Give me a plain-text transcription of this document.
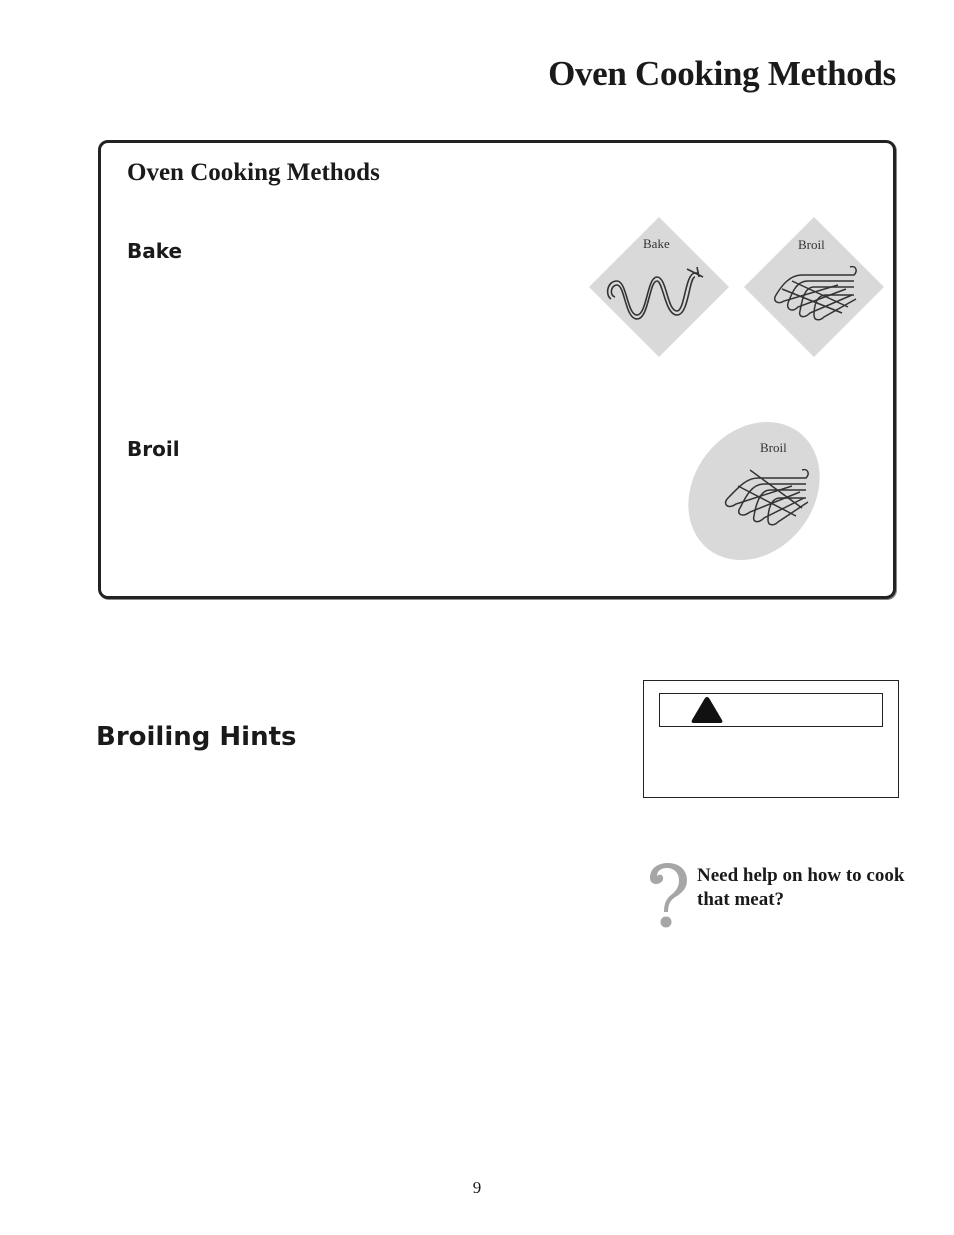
Oven Cooking Methods
Oven Cooking Methods
Bake
Broil
Bake	Broil
Broil
Broiling Hints

Need help on how to cook that meat?

9
